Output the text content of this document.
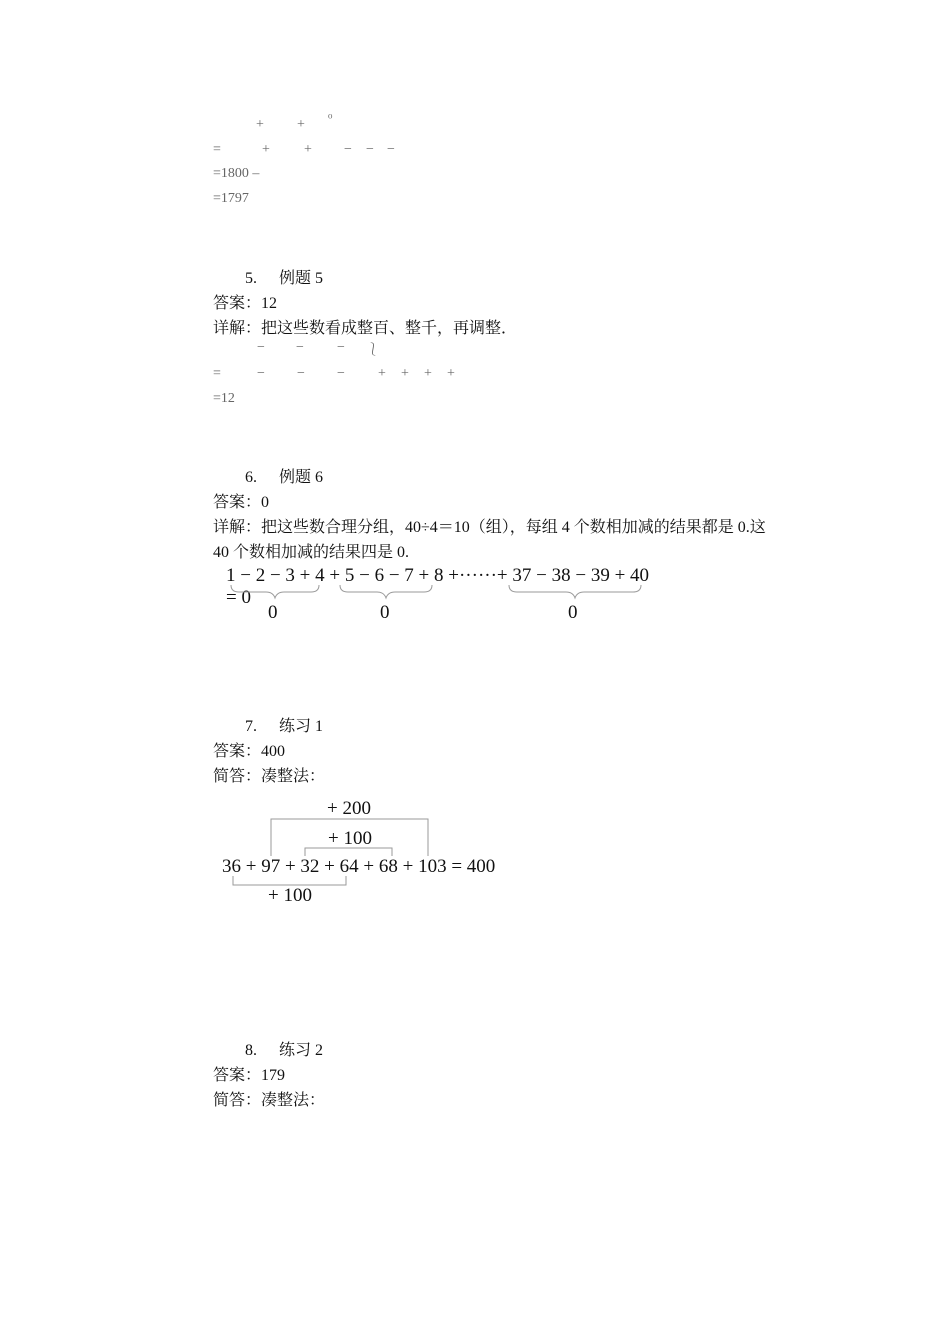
+ + ⁰
=	+ + − − −
=1800 –
=1797
5. 例题 5
答案：12
详解：把这些数看成整百、整千，再调整．
− − − ⎱
=	− − − + + + +
=12
6. 例题 6
答案：0
详解：把这些数合理分组，40÷4＝10（组），每组 4 个数相加减的结果都是 0.这
40 个数相加减的结果四是 0.
1 − 2 − 3 + 4 + 5 − 6 − 7 + 8 +······+ 37 − 38 − 39 + 40
= 0
0	0	0
7. 练习 1
答案：400
简答：凑整法：
+ 200
+ 100
36 + 97 + 32 + 64 + 68 + 103 = 400
+ 100
8. 练习 2
答案：179
简答：凑整法：
